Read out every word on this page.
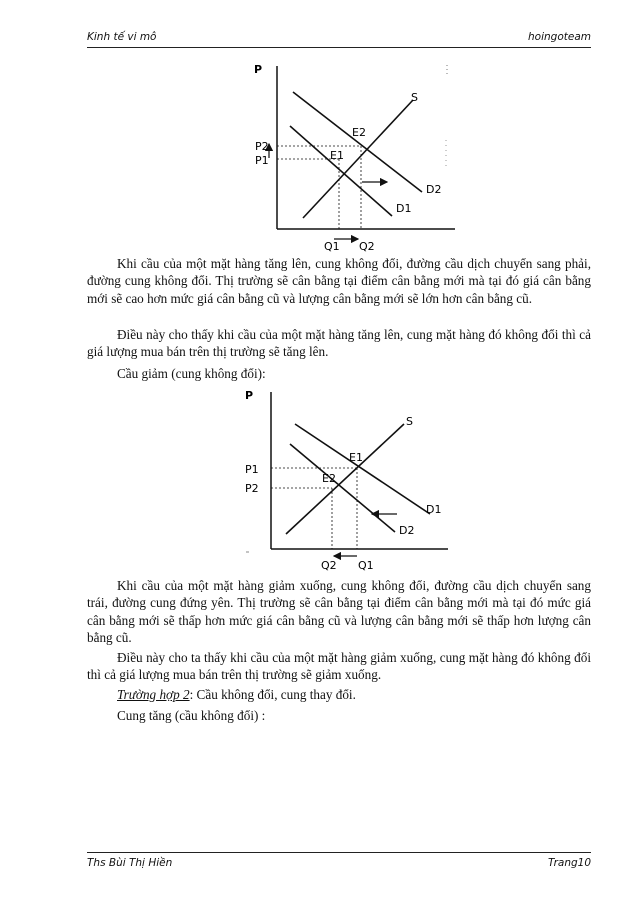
Kinh tế vi mô	hoingoteam
P
S
E2
E1
P2
P1
D2
D1
Q1 Q2

Khi cầu của một mặt hàng tăng lên, cung không đổi, đường cầu dịch chuyển sang phải, đường cung không đổi. Thị trường sẽ cân bằng tại điểm cân bằng mới mà tại đó giá cân bằng mới sẽ cao hơn mức giá cân bằng cũ và lượng cân bằng mới sẽ lớn hơn cân bằng cũ.

Điều này cho thấy khi cầu của một mặt hàng tăng lên, cung mặt hàng đó không đổi thì cả giá lượng mua bán trên thị trường sẽ tăng lên.

Cầu giảm (cung không đổi):

P
S
E1
E2
P1
P2
D1
D2
Q2 Q1

Khi cầu của một mặt hàng giảm xuống, cung không đổi, đường cầu dịch chuyển sang trái, đường cung đứng yên. Thị trường sẽ cân bằng tại điểm cân bằng mới mà tại đó mức giá cân bằng mới sẽ thấp hơn mức giá cân bằng cũ và lượng cân bằng mới sẽ thấp hơn lượng cân bằng cũ.

Điều này cho ta thấy khi cầu của một mặt hàng giảm xuống, cung mặt hàng đó không đổi thì cả giá lượng mua bán trên thị trường sẽ giảm xuống.

Trường hợp 2: Cầu không đổi, cung thay đổi.

Cung tăng (cầu không đổi) :

Ths Bùi Thị Hiền	Trang10
